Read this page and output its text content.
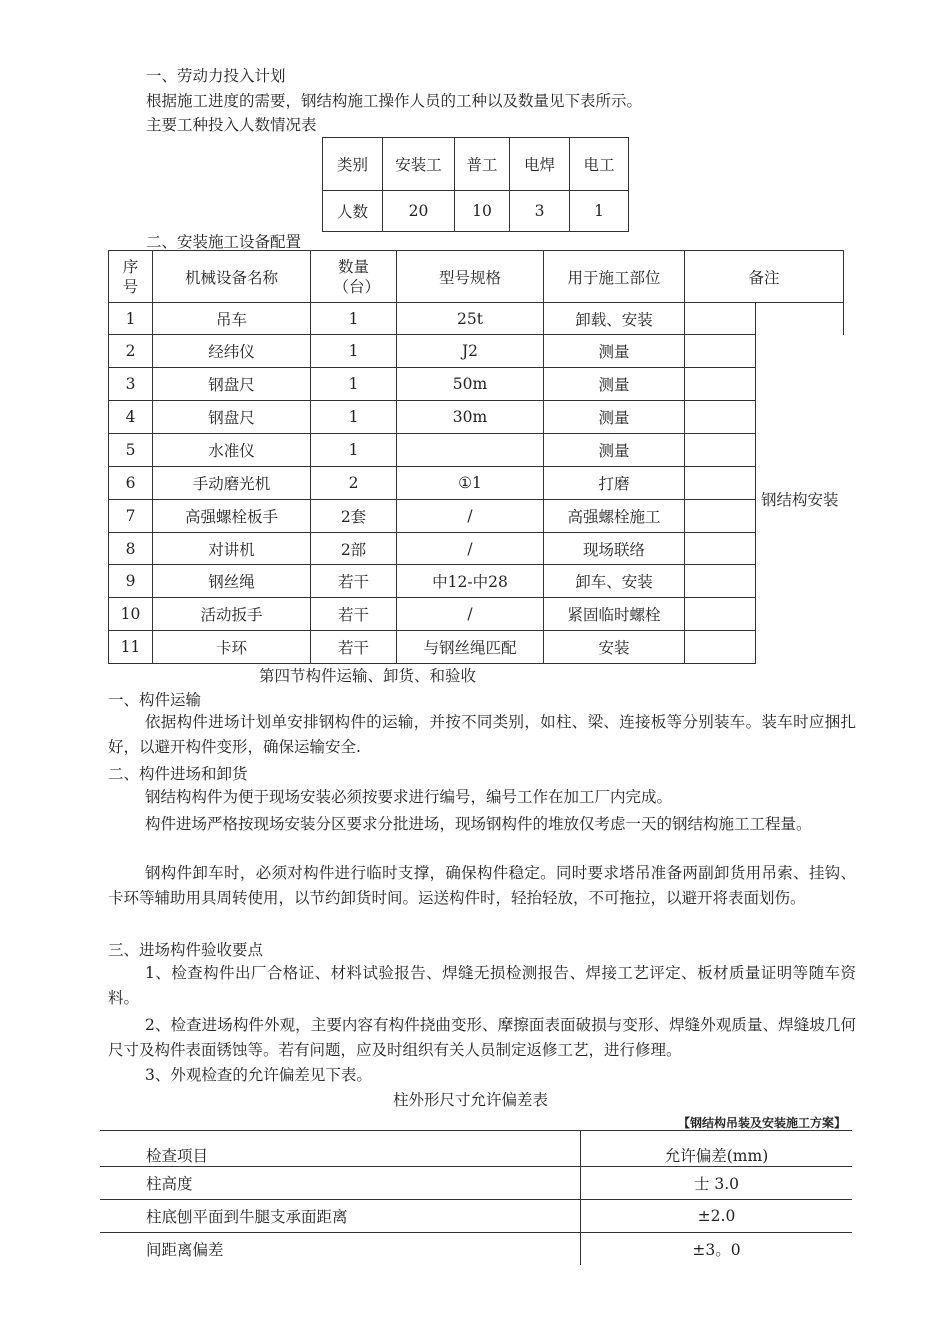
一、劳动力投入计划
根据施工进度的需要，钢结构施工操作人员的工种以及数量见下表所示。
主要工种投入人数情况表
类别	安装工	普工	电焊	电工
人数	20	10	3	1
二、安装施工设备配置
序号	机械设备名称	数量（台）	型号规格	用于施工部位	备注	
1	吊车	1	25t	卸载、安装		
2	经纬仪	1	J2	测量		钢结构安装
3	钢盘尺	1	50m	测量		
4	钢盘尺	1	30m	测量		
5	水准仪	1		测量		
6	手动磨光机	2	①1	打磨		
7	高强螺栓板手	2套	/	高强螺栓施工		
8	对讲机	2部	/	现场联络		
9	钢丝绳	若干	中12-中28	卸车、安装		
10	活动扳手	若干	/	紧固临时螺栓		
11	卡环	若干	与钢丝绳匹配	安装		
第四节构件运输、卸货、和验收
一、构件运输
依据构件进场计划单安排钢构件的运输，并按不同类别，如柱、梁、连接板等分别装车。装车时应捆扎好，以避开构件变形，确保运输安全.
二、构件进场和卸货
钢结构构件为便于现场安装必须按要求进行编号，编号工作在加工厂内完成。
构件进场严格按现场安装分区要求分批进场，现场钢构件的堆放仅考虑一天的钢结构施工工程量。
钢构件卸车时，必须对构件进行临时支撑，确保构件稳定。同时要求塔吊准备两副卸货用吊索、挂钩、卡环等辅助用具周转使用，以节约卸货时间。运送构件时，轻抬轻放，不可拖拉，以避开将表面划伤。
三、进场构件验收要点
1、检查构件出厂合格证、材料试验报告、焊缝无损检测报告、焊接工艺评定、板材质量证明等随车资料。
2、检查进场构件外观，主要内容有构件挠曲变形、摩擦面表面破损与变形、焊缝外观质量、焊缝坡几何尺寸及构件表面锈蚀等。若有问题，应及时组织有关人员制定返修工艺，进行修理。
3、外观检查的允许偏差见下表。
柱外形尺寸允许偏差表
【钢结构吊装及安装施工方案】
检查项目	允许偏差(mm)
柱高度	士 3.0
柱底刨平面到牛腿支承面距离	±2.0
间距离偏差	±3。0
